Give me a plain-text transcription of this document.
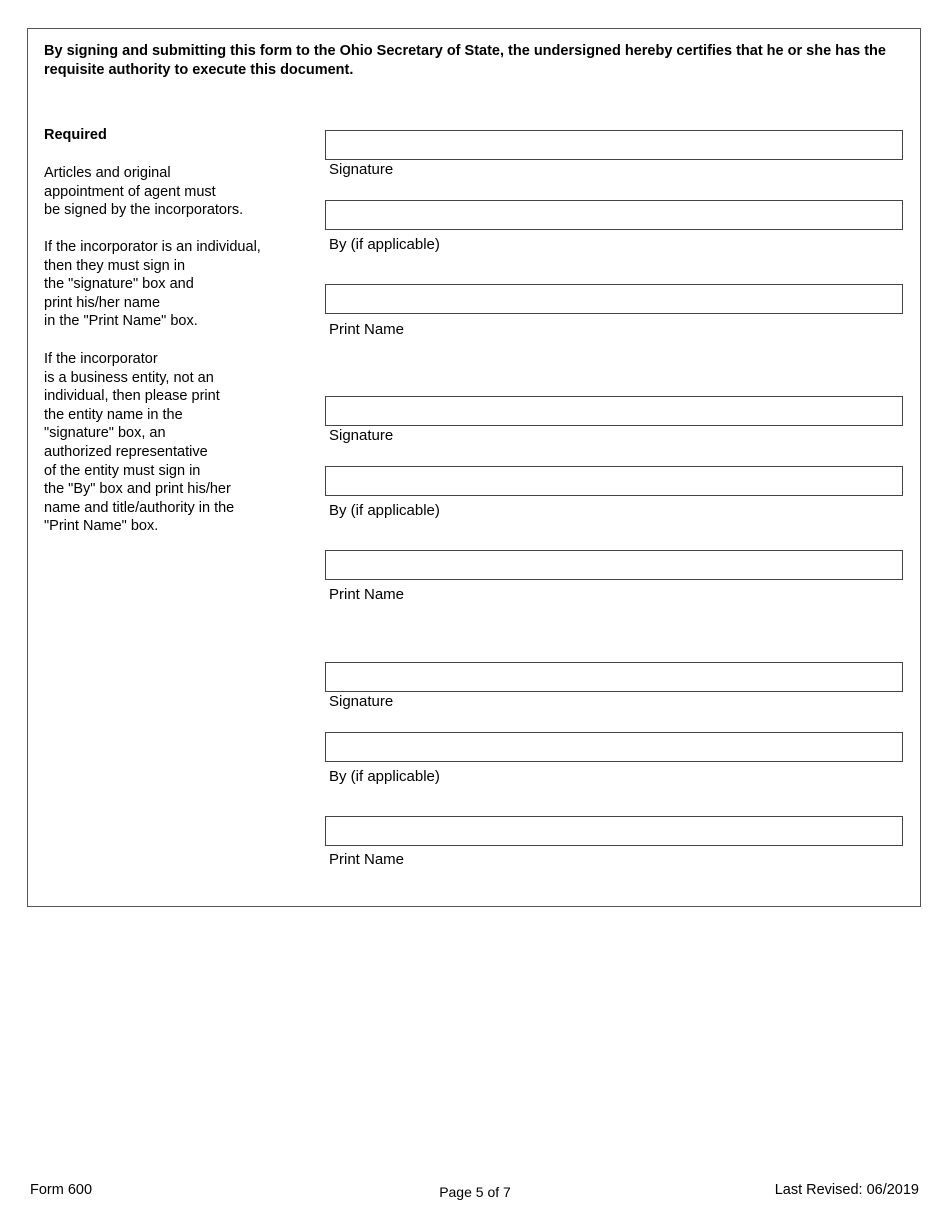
By signing and submitting this form to the Ohio Secretary of State, the undersigned hereby certifies that he or she has the requisite authority to execute this document.
Required
Articles and original
appointment of agent must
be signed by the incorporators.
If the incorporator is an individual,
then they must sign in
the "signature" box and
print his/her name
in the "Print Name" box.
If the incorporator
is a business entity, not an
individual, then please print
the entity name in the
"signature" box, an
authorized representative
of the entity must sign in
the "By" box and print his/her
name and title/authority in the
"Print Name" box.
Signature
By (if applicable)
Print Name
Signature
By (if applicable)
Print Name
Signature
By (if applicable)
Print Name
Form 600	Page 5 of 7	Last Revised: 06/2019
